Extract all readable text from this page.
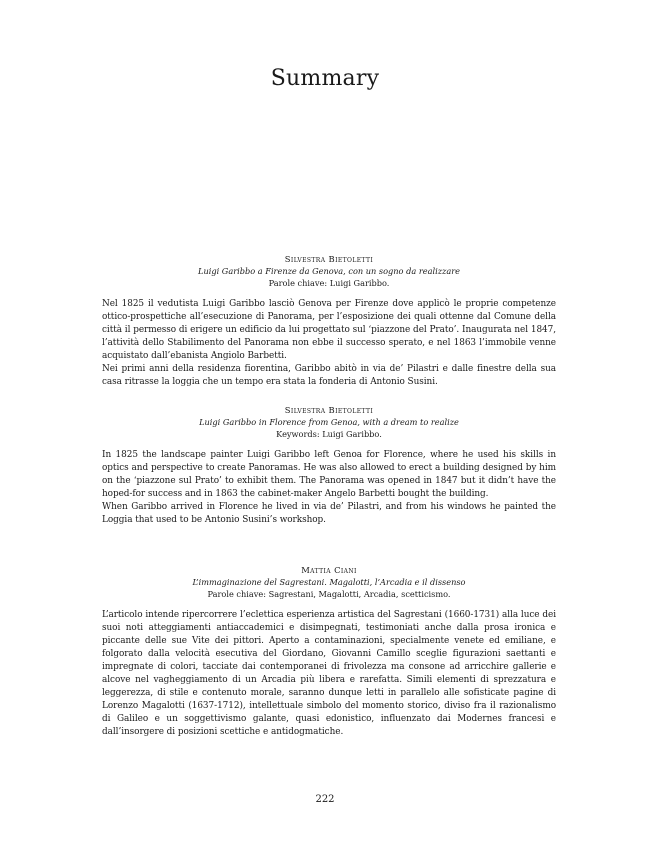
Summary
Silvestra Bietoletti
Luigi Garibbo a Firenze da Genova, con un sogno da realizzare
Parole chiave: Luigi Garibbo.

Nel 1825 il vedutista Luigi Garibbo lasciò Genova per Firenze dove applicò le proprie competenze ottico-prospettiche all’esecuzione di Panorama, per l’esposizione dei quali ottenne dal Comune della città il permesso di erigere un edificio da lui progettato sul ‘piazzone del Prato’. Inaugurata nel 1847, l’attività dello Stabilimento del Panorama non ebbe il successo sperato, e nel 1863 l’immobile venne acquistato dall’ebanista Angiolo Barbetti.

Nei primi anni della residenza fiorentina, Garibbo abitò in via de’ Pilastri e dalle finestre della sua casa ritrasse la loggia che un tempo era stata la fonderia di Antonio Susini.

Silvestra Bietoletti
Luigi Garibbo in Florence from Genoa, with a dream to realize
Keywords: Luigi Garibbo.

In 1825 the landscape painter Luigi Garibbo left Genoa for Florence, where he used his skills in optics and perspective to create Panoramas. He was also allowed to erect a building designed by him on the ‘piazzone sul Prato’ to exhibit them. The Panorama was opened in 1847 but it didn’t have the hoped-for success and in 1863 the cabinet-maker Angelo Barbetti bought the building.

When Garibbo arrived in Florence he lived in via de’ Pilastri, and from his windows he painted the Loggia that used to be Antonio Susini’s workshop.

Mattia Ciani
L’immaginazione del Sagrestani. Magalotti, l’Arcadia e il dissenso
Parole chiave: Sagrestani, Magalotti, Arcadia, scetticismo.

L’articolo intende ripercorrere l’eclettica esperienza artistica del Sagrestani (1660-1731) alla luce dei suoi noti atteggiamenti antiaccademici e disimpegnati, testimoniati anche dalla prosa ironica e piccante delle sue Vite dei pittori. Aperto a contaminazioni, specialmente venete ed emiliane, e folgorato dalla velocità esecutiva del Giordano, Giovanni Camillo sceglie figurazioni saettanti e impregnate di colori, tacciate dai contemporanei di frivolezza ma consone ad arricchire gallerie e alcove nel vagheggiamento di un Arcadia più libera e rarefatta. Simili elementi di sprezzatura e leggerezza, di stile e contenuto morale, saranno dunque letti in parallelo alle sofisticate pagine di Lorenzo Magalotti (1637-1712), intellettuale simbolo del momento storico, diviso fra il razionalismo di Galileo e un soggettivismo galante, quasi edonistico, influenzato dai Modernes francesi e dall’insorgere di posizioni scettiche e antidogmatiche.

222
